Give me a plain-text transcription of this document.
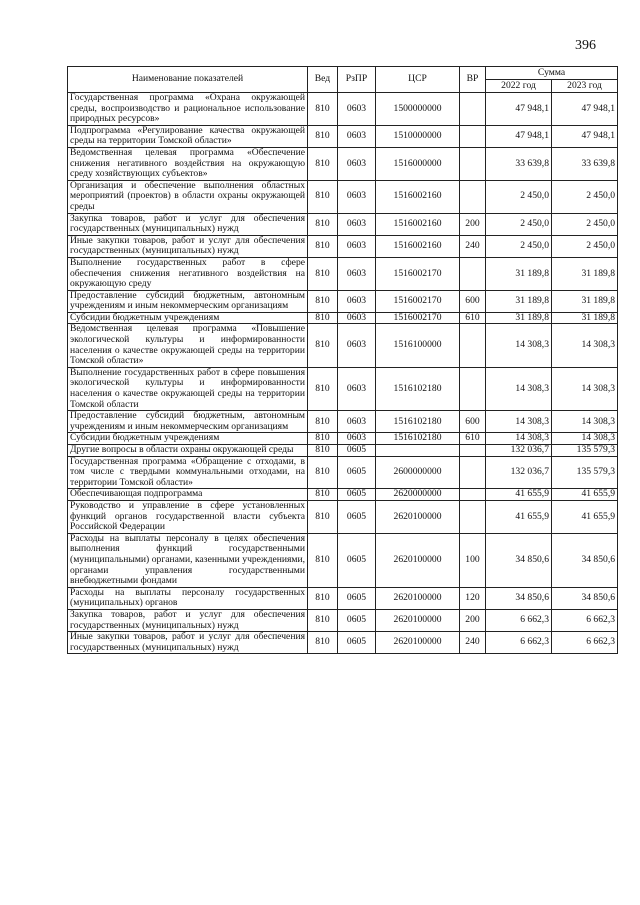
396
Наименование показателей	Вед	РзПР	ЦСР	ВР	Сумма	
					2022 год	2023 год
Государственная программа «Охрана окружающей среды, воспроизводство и рациональное использование природных ресурсов»	810	0603	1500000000		47 948,1	47 948,1
Подпрограмма «Регулирование качества окружающей среды на территории Томской области»	810	0603	1510000000		47 948,1	47 948,1
Ведомственная целевая программа «Обеспечение снижения негативного воздействия на окружающую среду хозяйствующих субъектов»	810	0603	1516000000		33 639,8	33 639,8
Организация и обеспечение выполнения областных мероприятий (проектов) в области охраны окружающей среды	810	0603	1516002160		2 450,0	2 450,0
Закупка товаров, работ и услуг для обеспечения государственных (муниципальных) нужд	810	0603	1516002160	200	2 450,0	2 450,0
Иные закупки товаров, работ и услуг для обеспечения государственных (муниципальных) нужд	810	0603	1516002160	240	2 450,0	2 450,0
Выполнение государственных работ в сфере обеспечения снижения негативного воздействия на окружающую среду	810	0603	1516002170		31 189,8	31 189,8
Предоставление субсидий бюджетным, автономным учреждениям и иным некоммерческим организациям	810	0603	1516002170	600	31 189,8	31 189,8
Субсидии бюджетным учреждениям	810	0603	1516002170	610	31 189,8	31 189,8
Ведомственная целевая программа «Повышение экологической культуры и информированности населения о качестве окружающей среды на территории Томской области»	810	0603	1516100000		14 308,3	14 308,3
Выполнение государственных работ в сфере повышения экологической культуры и информированности населения о качестве окружающей среды на территории Томской области	810	0603	1516102180		14 308,3	14 308,3
Предоставление субсидий бюджетным, автономным учреждениям и иным некоммерческим организациям	810	0603	1516102180	600	14 308,3	14 308,3
Субсидии бюджетным учреждениям	810	0603	1516102180	610	14 308,3	14 308,3
Другие вопросы в области охраны окружающей среды	810	0605			132 036,7	135 579,3
Государственная программа «Обращение с отходами, в том числе с твердыми коммунальными отходами, на территории Томской области»	810	0605	2600000000		132 036,7	135 579,3
Обеспечивающая подпрограмма	810	0605	2620000000		41 655,9	41 655,9
Руководство и управление в сфере установленных функций органов государственной власти субъекта Российской Федерации	810	0605	2620100000		41 655,9	41 655,9
Расходы на выплаты персоналу в целях обеспечения выполнения функций государственными (муниципальными) органами, казенными учреждениями, органами управления государственными внебюджетными фондами	810	0605	2620100000	100	34 850,6	34 850,6
Расходы на выплаты персоналу государственных (муниципальных) органов	810	0605	2620100000	120	34 850,6	34 850,6
Закупка товаров, работ и услуг для обеспечения государственных (муниципальных) нужд	810	0605	2620100000	200	6 662,3	6 662,3
Иные закупки товаров, работ и услуг для обеспечения государственных (муниципальных) нужд	810	0605	2620100000	240	6 662,3	6 662,3
